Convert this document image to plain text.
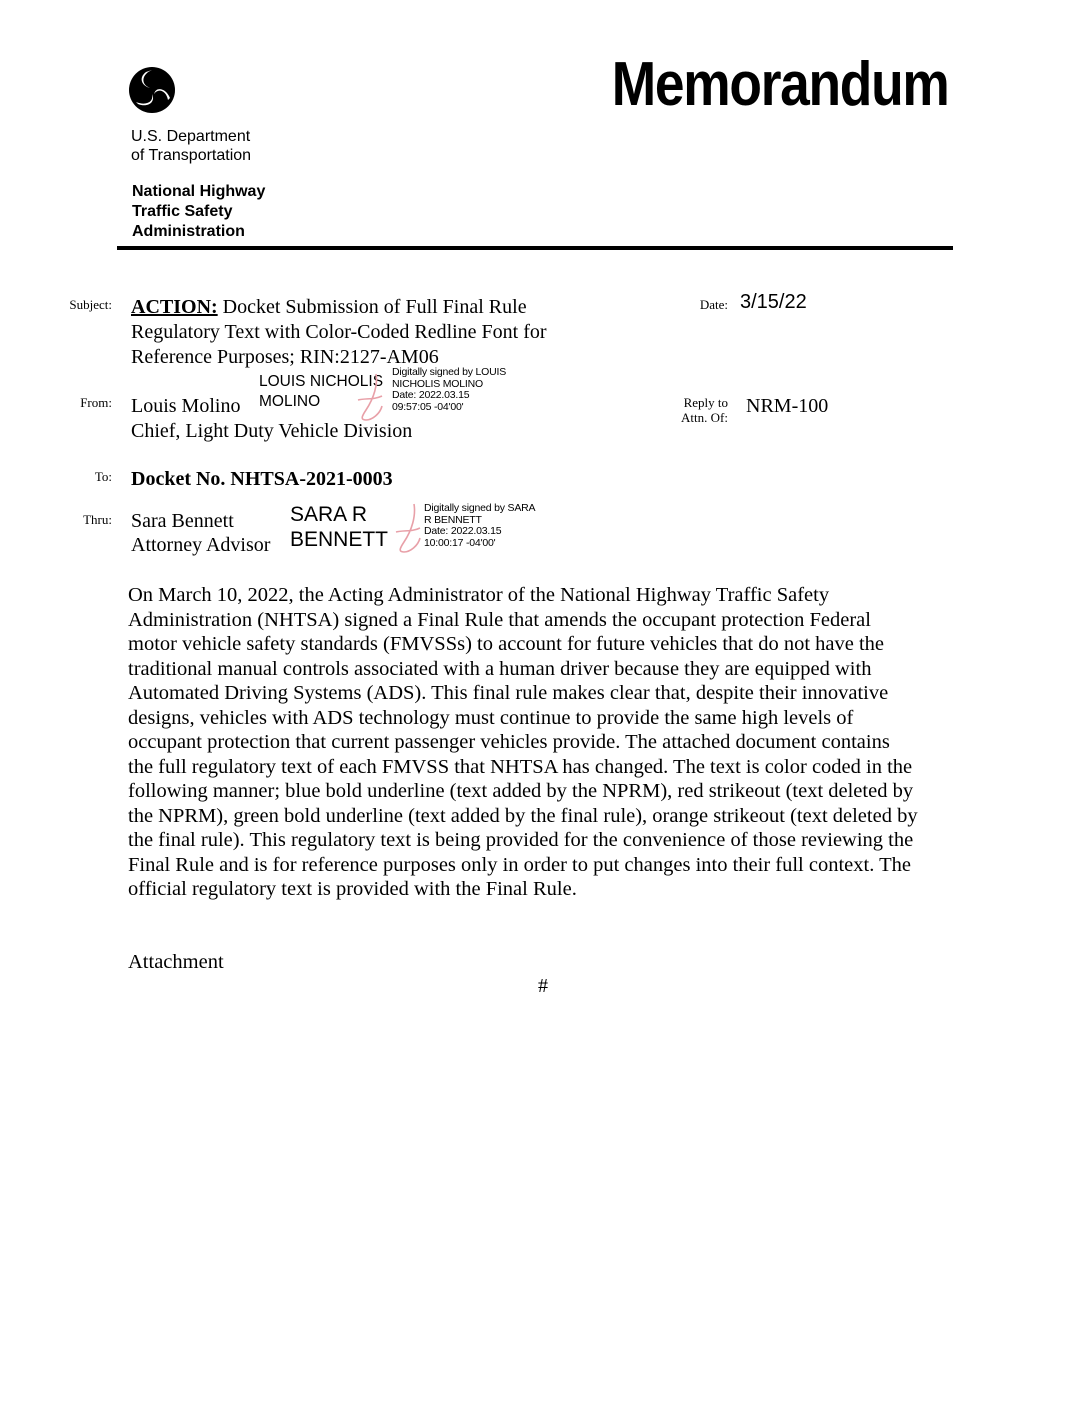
Memorandum
U.S. Department
of Transportation
National Highway
Traffic Safety
Administration
Subject: ACTION: Docket Submission of Full Final Rule
Regulatory Text with Color-Coded Redline Font for
Reference Purposes; RIN:2127-AM06
Date: 3/15/22
LOUIS NICHOLIS
MOLINO
Digitally signed by LOUIS
NICHOLIS MOLINO
Date: 2022.03.15
09:57:05 -04'00'
From: Louis Molino
Chief, Light Duty Vehicle Division
Reply to
Attn. Of:
NRM-100
To: Docket No. NHTSA-2021-0003
Thru: Sara Bennett
Attorney Advisor
SARA R
BENNETT
Digitally signed by SARA
R BENNETT
Date: 2022.03.15
10:00:17 -04'00'

On March 10, 2022, the Acting Administrator of the National Highway Traffic Safety Administration (NHTSA) signed a Final Rule that amends the occupant protection Federal motor vehicle safety standards (FMVSSs) to account for future vehicles that do not have the traditional manual controls associated with a human driver because they are equipped with Automated Driving Systems (ADS). This final rule makes clear that, despite their innovative designs, vehicles with ADS technology must continue to provide the same high levels of occupant protection that current passenger vehicles provide. The attached document contains the full regulatory text of each FMVSS that NHTSA has changed. The text is color coded in the following manner; blue bold underline (text added by the NPRM), red strikeout (text deleted by the NPRM), green bold underline (text added by the final rule), orange strikeout (text deleted by the final rule). This regulatory text is being provided for the convenience of those reviewing the Final Rule and is for reference purposes only in order to put changes into their full context. The official regulatory text is provided with the Final Rule.

Attachment
#
